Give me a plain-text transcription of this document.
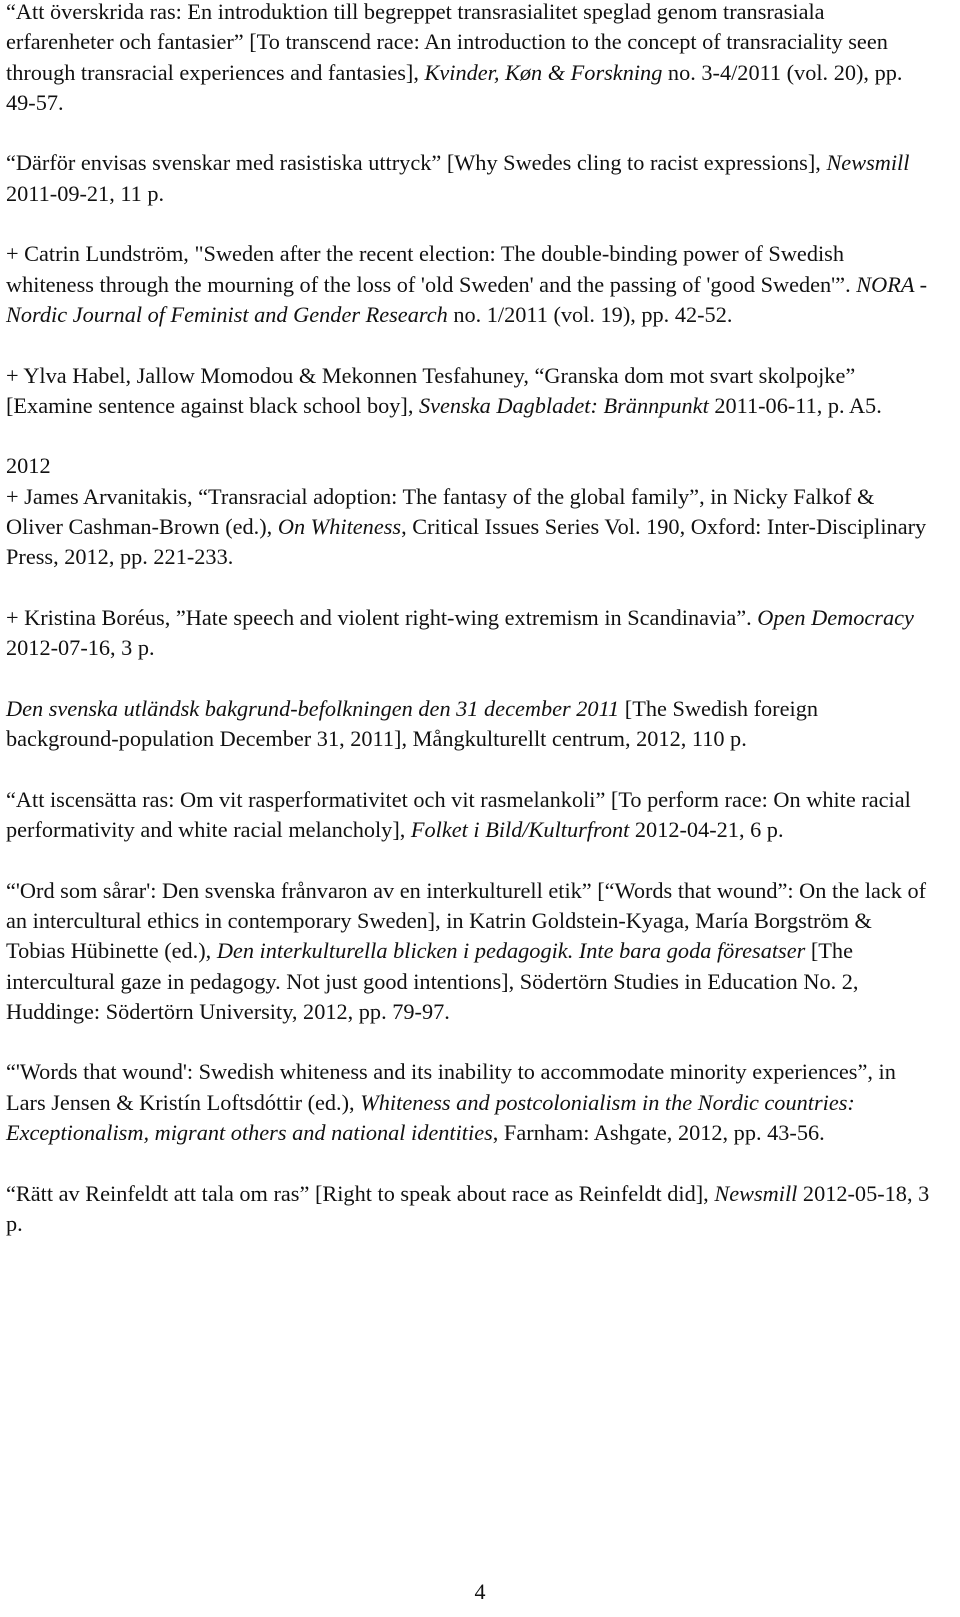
“Att överskrida ras: En introduktion till begreppet transrasialitet speglad genom transrasiala erfarenheter och fantasier” [To transcend race: An introduction to the concept of transraciality seen through transracial experiences and fantasies], Kvinder, Køn & Forskning no. 3-4/2011 (vol. 20), pp. 49-57.

“Därför envisas svenskar med rasistiska uttryck” [Why Swedes cling to racist expressions], Newsmill 2011-09-21, 11 p.

+ Catrin Lundström, "Sweden after the recent election: The double-binding power of Swedish whiteness through the mourning of the loss of 'old Sweden' and the passing of 'good Sweden'”. NORA - Nordic Journal of Feminist and Gender Research no. 1/2011 (vol. 19), pp. 42-52.

+ Ylva Habel, Jallow Momodou & Mekonnen Tesfahuney, “Granska dom mot svart skolpojke” [Examine sentence against black school boy], Svenska Dagbladet: Brännpunkt 2011-06-11, p. A5.

2012

+ James Arvanitakis, “Transracial adoption: The fantasy of the global family”, in Nicky Falkof & Oliver Cashman-Brown (ed.), On Whiteness, Critical Issues Series Vol. 190, Oxford: Inter-Disciplinary Press, 2012, pp. 221-233.

+ Kristina Boréus, ”Hate speech and violent right-wing extremism in Scandinavia”. Open Democracy 2012-07-16, 3 p.

Den svenska utländsk bakgrund-befolkningen den 31 december 2011 [The Swedish foreign background-population December 31, 2011], Mångkulturellt centrum, 2012, 110 p.

“Att iscensätta ras: Om vit rasperformativitet och vit rasmelankoli” [To perform race: On white racial performativity and white racial melancholy], Folket i Bild/Kulturfront 2012-04-21, 6 p.

“'Ord som sårar': Den svenska frånvaron av en interkulturell etik” [“Words that wound”: On the lack of an intercultural ethics in contemporary Sweden], in Katrin Goldstein-Kyaga, María Borgström & Tobias Hübinette (ed.), Den interkulturella blicken i pedagogik. Inte bara goda föresatser [The intercultural gaze in pedagogy. Not just good intentions], Södertörn Studies in Education No. 2, Huddinge: Södertörn University, 2012, pp. 79-97.

“'Words that wound': Swedish whiteness and its inability to accommodate minority experiences”, in Lars Jensen & Kristín Loftsdóttir (ed.), Whiteness and postcolonialism in the Nordic countries: Exceptionalism, migrant others and national identities, Farnham: Ashgate, 2012, pp. 43-56.

“Rätt av Reinfeldt att tala om ras” [Right to speak about race as Reinfeldt did], Newsmill 2012-05-18, 3 p.

4
